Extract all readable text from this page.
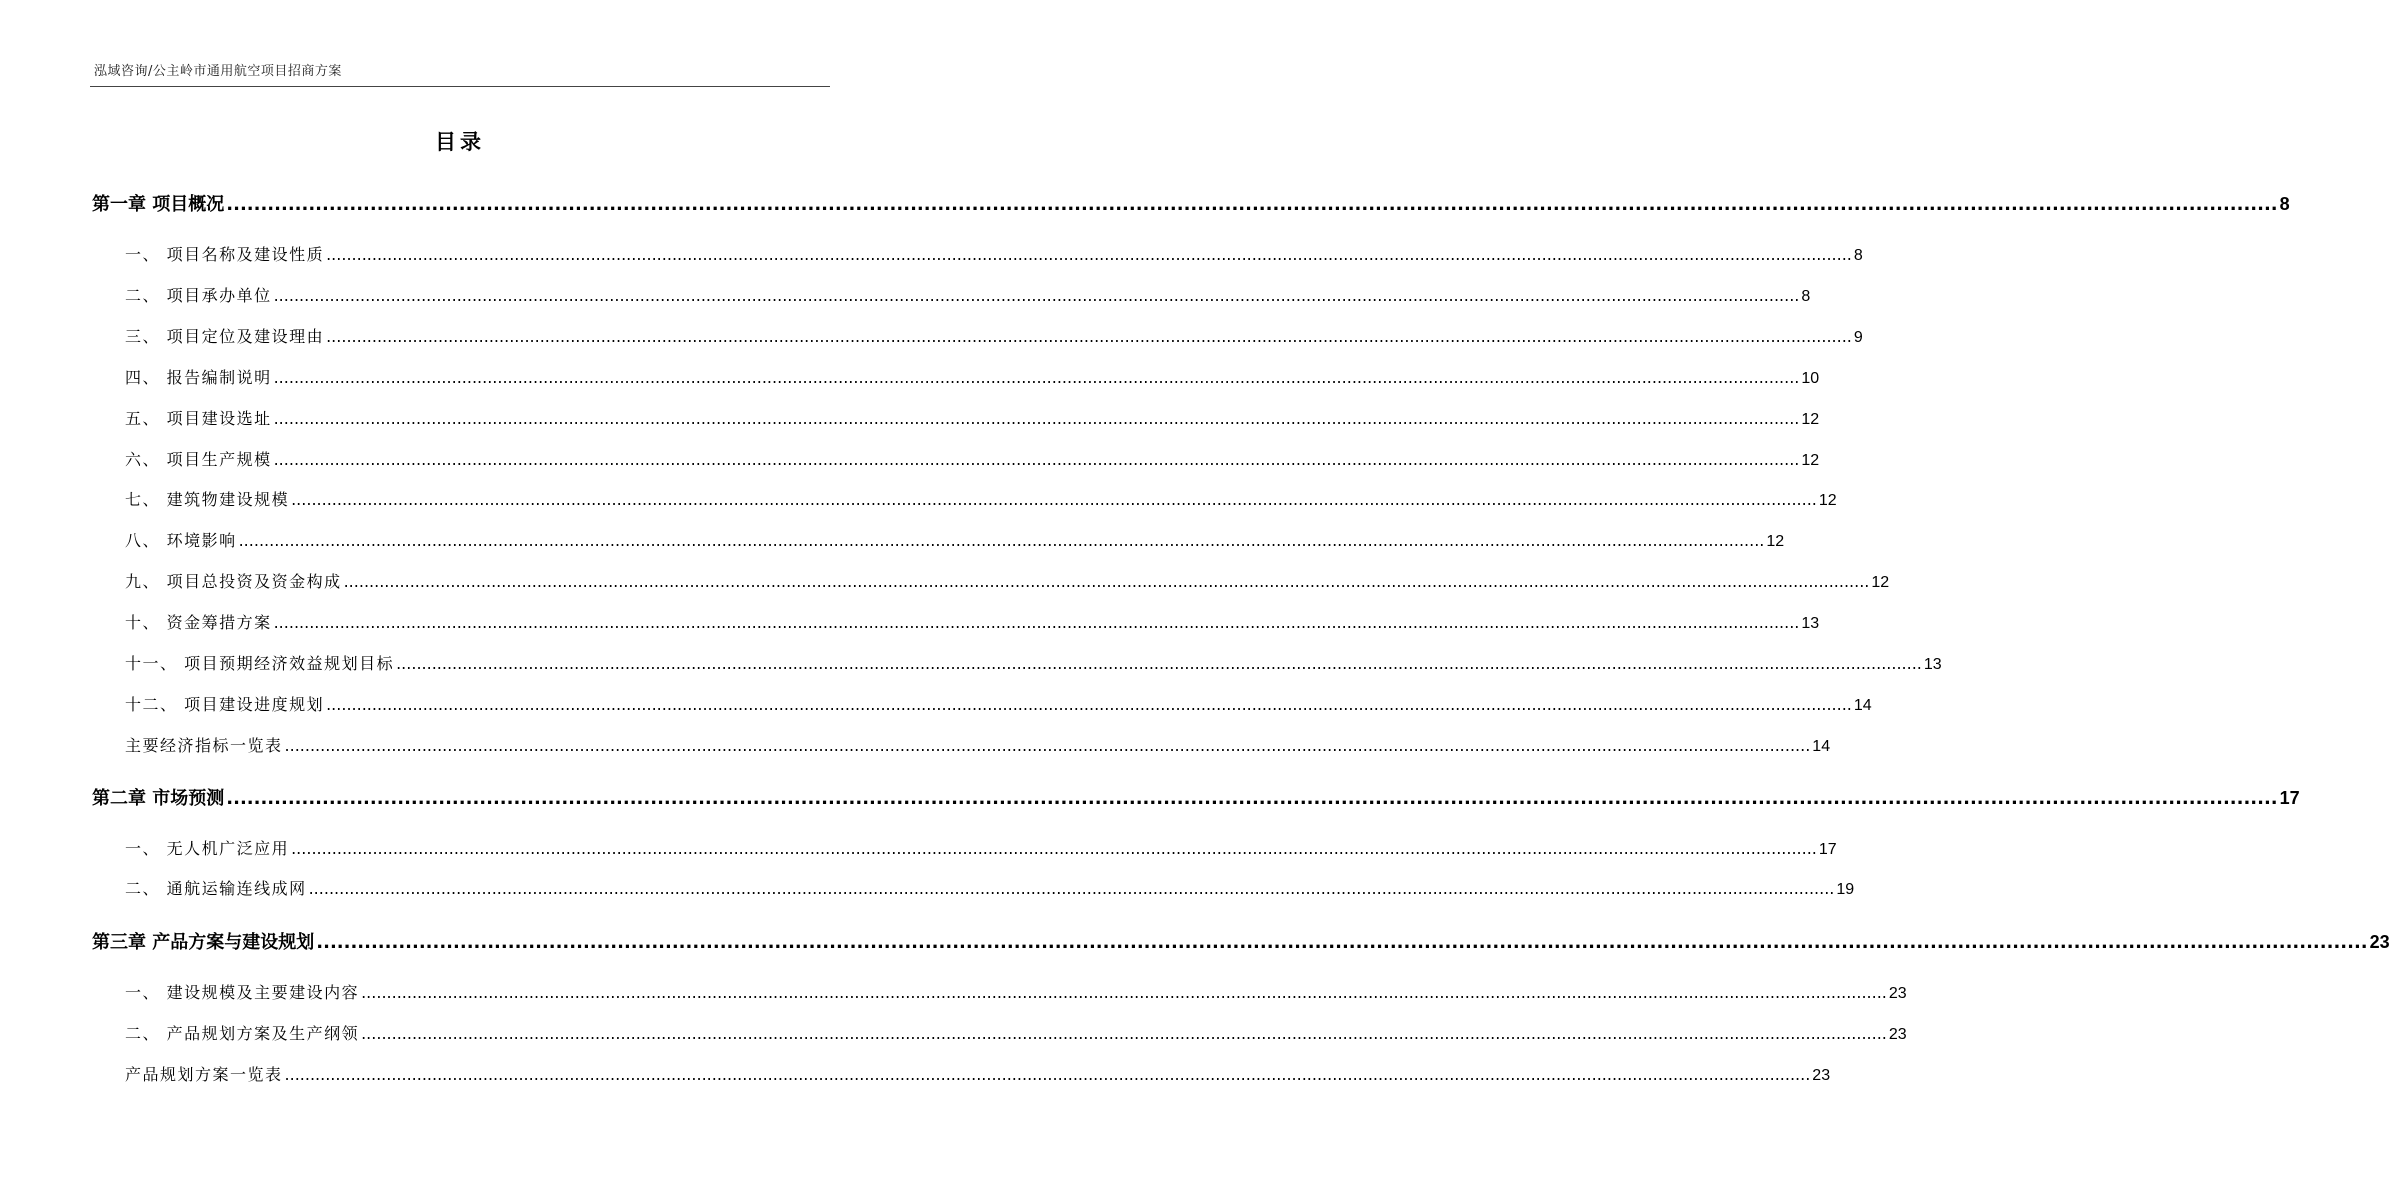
泓域咨询/公主岭市通用航空项目招商方案
目录
第一章 项目概况 ............................................................................................................................................................................................................................................................................................................ 8
一、 项目名称及建设性质 ............................................................................................................................................................................................................................................................................................................ 8
二、 项目承办单位 ............................................................................................................................................................................................................................................................................................................ 8
三、 项目定位及建设理由 ............................................................................................................................................................................................................................................................................................................ 9
四、 报告编制说明 ............................................................................................................................................................................................................................................................................................................ 10
五、 项目建设选址 ............................................................................................................................................................................................................................................................................................................ 12
六、 项目生产规模 ............................................................................................................................................................................................................................................................................................................ 12
七、 建筑物建设规模 ............................................................................................................................................................................................................................................................................................................ 12
八、 环境影响 ............................................................................................................................................................................................................................................................................................................ 12
九、 项目总投资及资金构成 ............................................................................................................................................................................................................................................................................................................ 12
十、 资金筹措方案 ............................................................................................................................................................................................................................................................................................................ 13
十一、 项目预期经济效益规划目标 ............................................................................................................................................................................................................................................................................................................ 13
十二、 项目建设进度规划 ............................................................................................................................................................................................................................................................................................................ 14
主要经济指标一览表 ............................................................................................................................................................................................................................................................................................................ 14
第二章 市场预测 ............................................................................................................................................................................................................................................................................................................ 17
一、 无人机广泛应用 ............................................................................................................................................................................................................................................................................................................ 17
二、 通航运输连线成网 ............................................................................................................................................................................................................................................................................................................ 19
第三章 产品方案与建设规划 ............................................................................................................................................................................................................................................................................................................ 23
一、 建设规模及主要建设内容 ............................................................................................................................................................................................................................................................................................................ 23
二、 产品规划方案及生产纲领 ............................................................................................................................................................................................................................................................................................................ 23
产品规划方案一览表 ............................................................................................................................................................................................................................................................................................................ 23
